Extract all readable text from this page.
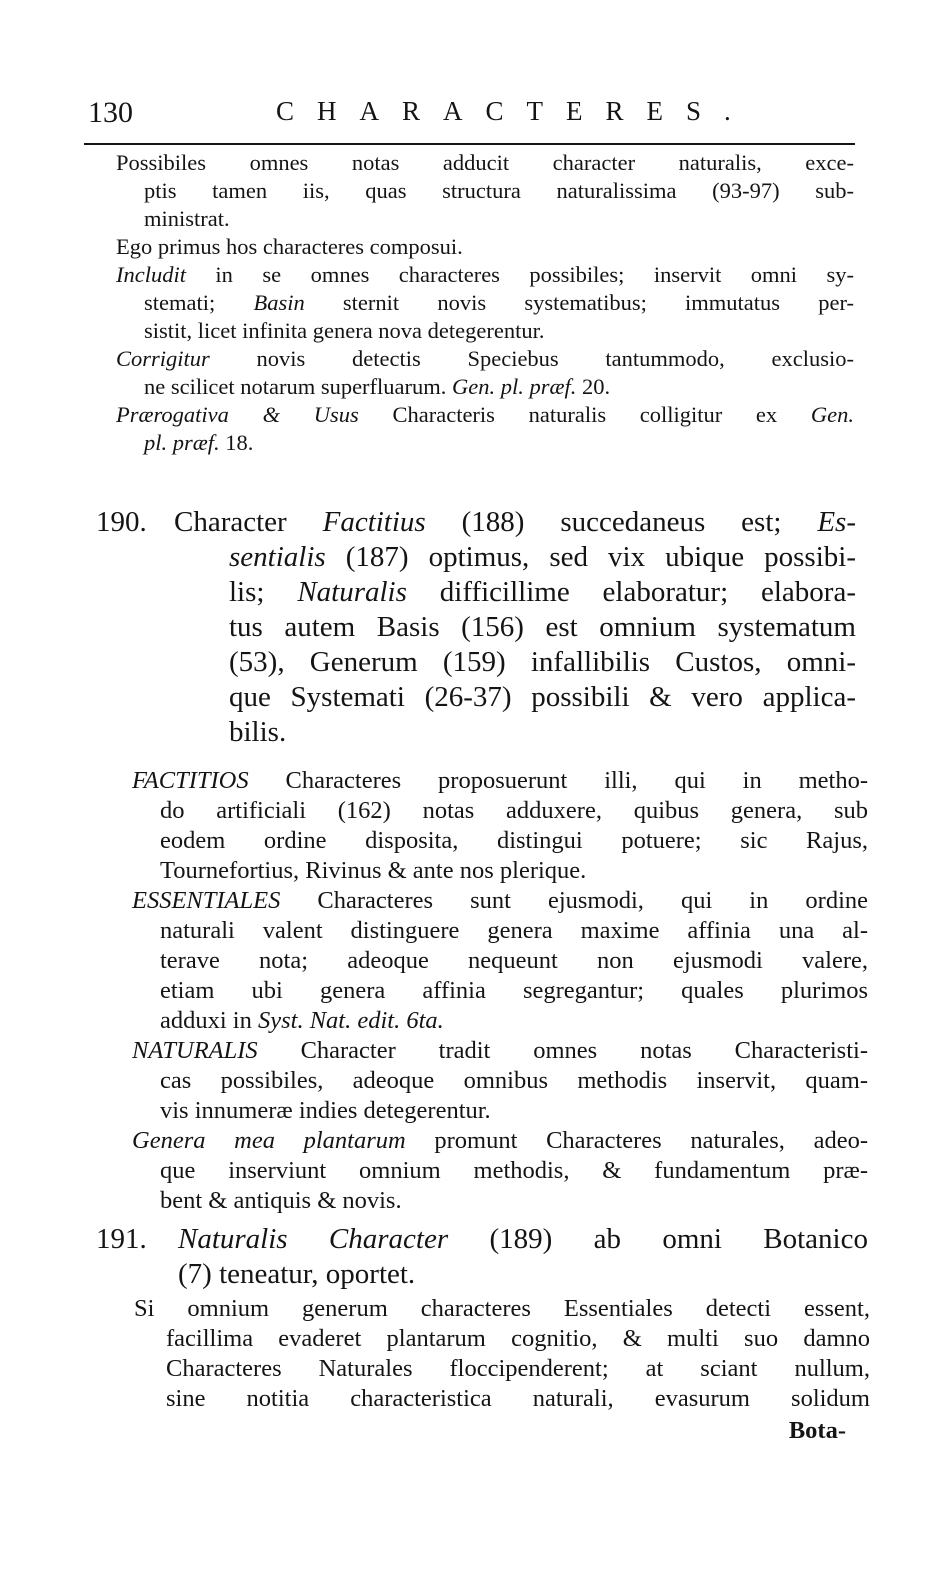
130	CHARACTERES.
Possibiles omnes notas adducit character naturalis, exce-
ptis tamen iis, quas structura naturalissima (93-97) sub-
ministrat.
Ego primus hos characteres composui.
Includit in se omnes characteres possibiles; inservit omni sy-
stemati; Basin sternit novis systematibus; immutatus per-
sistit, licet infinita genera nova detegerentur.
Corrigitur novis detectis Speciebus tantummodo, exclusio-
ne scilicet notarum superfluarum. Gen. pl. præf. 20.
Prærogativa & Usus Characteris naturalis colligitur ex Gen.
pl. præf. 18.
190. Character Factitius (188) succedaneus est; Es-
sentialis (187) optimus, sed vix ubique possibi-
lis; Naturalis difficillime elaboratur; elabora-
tus autem Basis (156) est omnium systematum
(53), Generum (159) infallibilis Custos, omni-
que Systemati (26-37) possibili & vero applica-
bilis.
FACTITIOS Characteres proposuerunt illi, qui in metho-
do artificiali (162) notas adduxere, quibus genera, sub
eodem ordine disposita, distingui potuere; sic Rajus,
Tournefortius, Rivinus & ante nos plerique.
ESSENTIALES Characteres sunt ejusmodi, qui in ordine
naturali valent distinguere genera maxime affinia una al-
terave nota; adeoque nequeunt non ejusmodi valere,
etiam ubi genera affinia segregantur; quales plurimos
adduxi in Syst. Nat. edit. 6ta.
NATURALIS Character tradit omnes notas Characteristi-
cas possibiles, adeoque omnibus methodis inservit, quam-
vis innumeræ indies detegerentur.
Genera mea plantarum promunt Characteres naturales, adeo-
que inserviunt omnium methodis, & fundamentum præ-
bent & antiquis & novis.
191. Naturalis Character (189) ab omni Botanico
(7) teneatur, oportet.
Si omnium generum characteres Essentiales detecti essent,
facillima evaderet plantarum cognitio, & multi suo damno
Characteres Naturales floccipenderent; at sciant nullum,
sine notitia characteristica naturali, evasurum solidum
Bota-
